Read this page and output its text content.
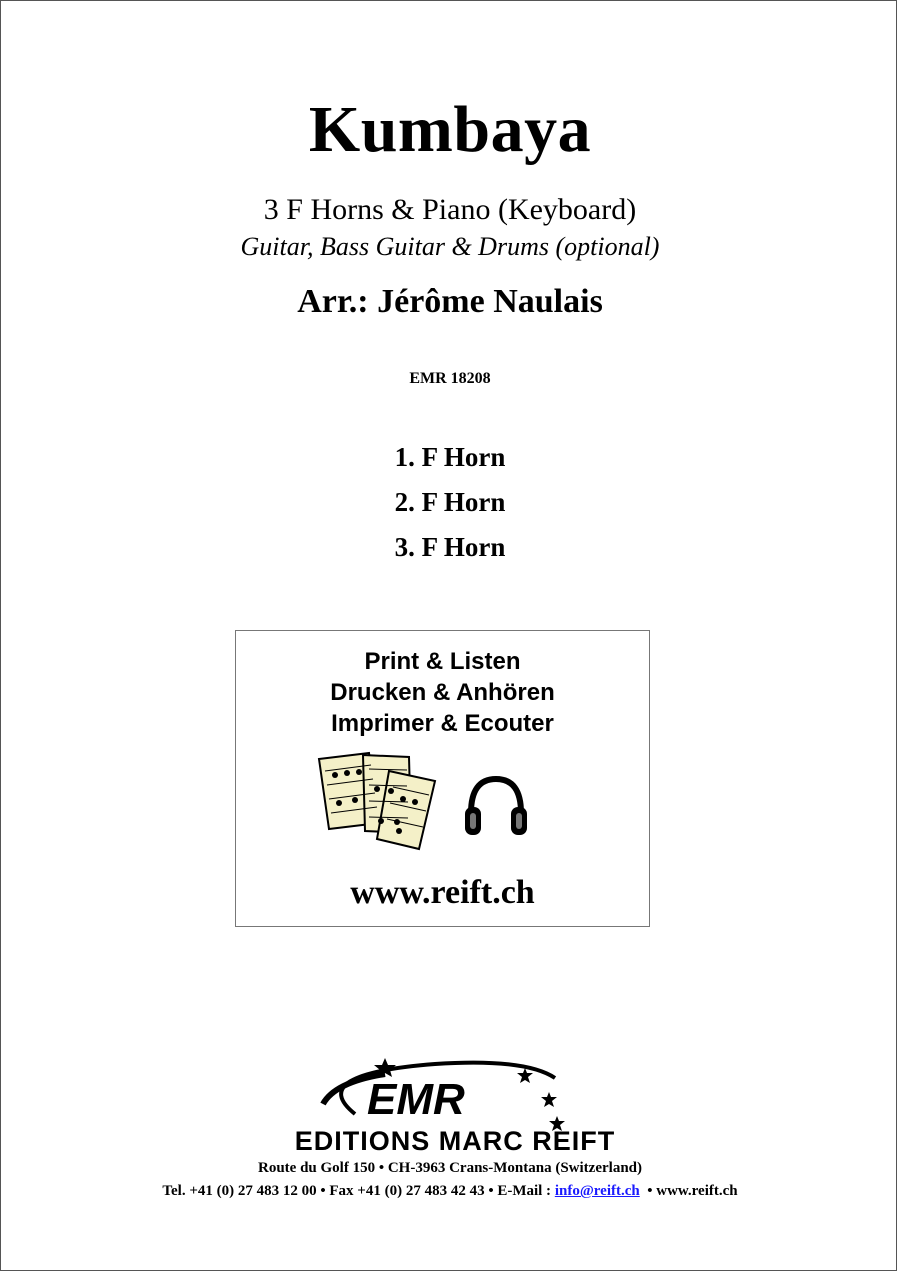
Kumbaya
3 F Horns & Piano (Keyboard)
Guitar, Bass Guitar & Drums (optional)
Arr.: Jérôme Naulais
EMR 18208
1. F Horn
2. F Horn
3. F Horn
Print & Listen
Drucken & Anhören
Imprimer & Ecouter
www.reift.ch
EMR
EDITIONS MARC REIFT
Route du Golf 150 • CH-3963 Crans-Montana (Switzerland)
Tel. +41 (0) 27 483 12 00 • Fax +41 (0) 27 483 42 43 • E-Mail : info@reift.ch  • www.reift.ch
